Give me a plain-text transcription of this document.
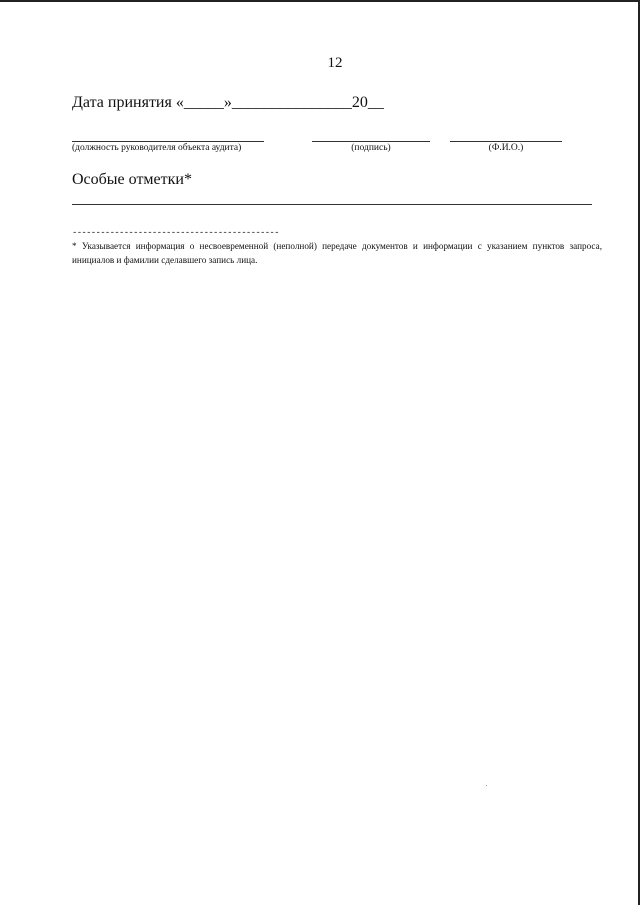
12
Дата принятия «_____»_______________20__
(должность руководителя объекта аудита)	(подпись)	(Ф.И.О.)
Особые отметки*
--------------------------------------------
* Указывается информация о несвоевременной (неполной) передаче документов и информации с указанием пунктов запроса, инициалов и фамилии сделавшего запись лица.
